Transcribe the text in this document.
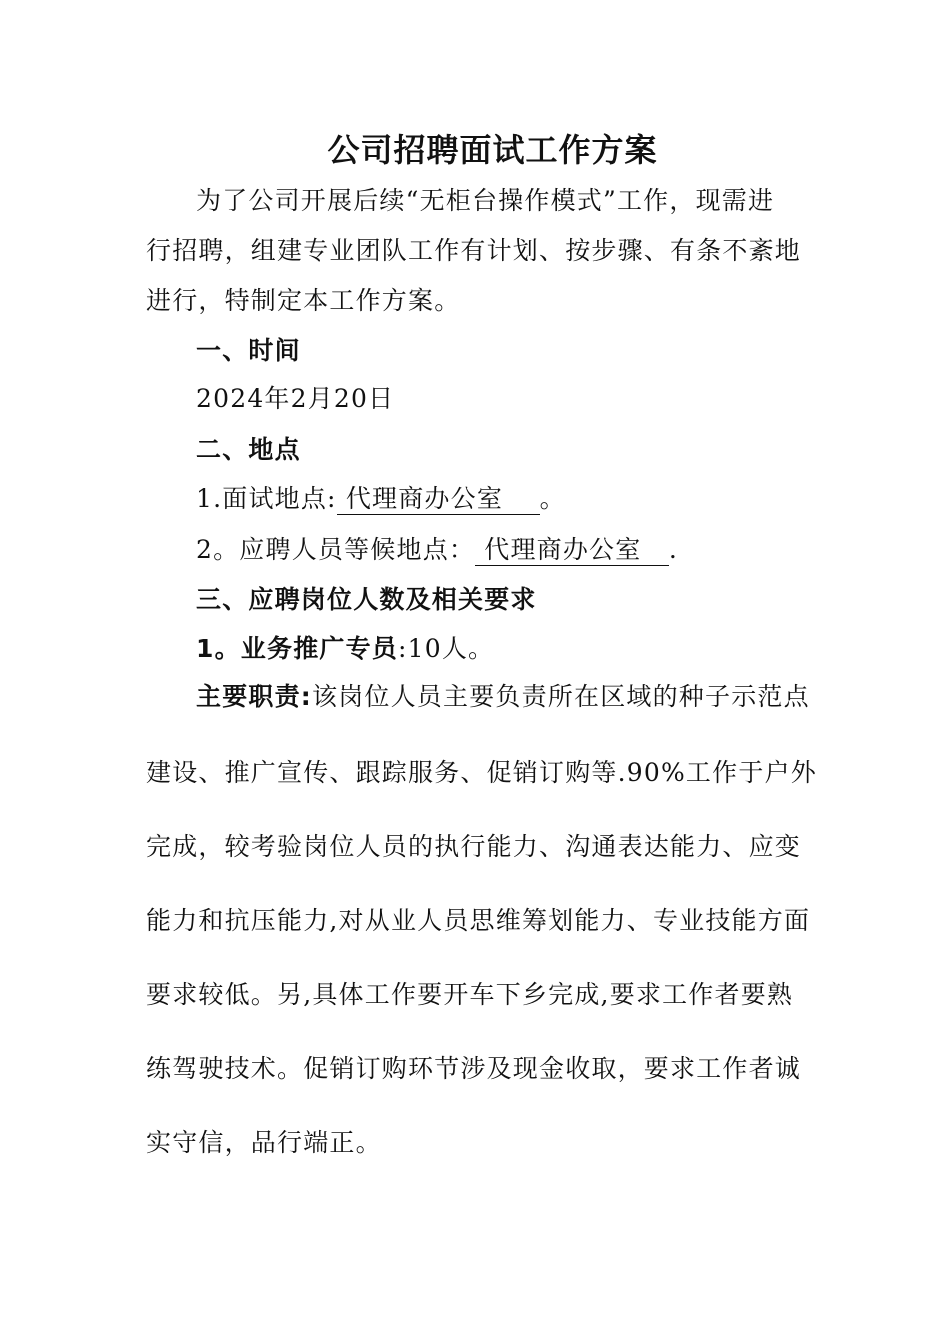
公司招聘面试工作方案
为了公司开展后续“无柜台操作模式”工作，现需进
行招聘，组建专业团队工作有计划、按步骤、有条不紊地
进行，特制定本工作方案。
一、时间
2024年2月20日
二、地点
1.面试地点: 代理商办公室    。
2。应聘人员等候地点： 代理商办公室   .
三、应聘岗位人数及相关要求
1。业务推广专员:10人。
主要职责:该岗位人员主要负责所在区域的种子示范点
建设、推广宣传、跟踪服务、促销订购等.90%工作于户外
完成，较考验岗位人员的执行能力、沟通表达能力、应变
能力和抗压能力,对从业人员思维筹划能力、专业技能方面
要求较低。另,具体工作要开车下乡完成,要求工作者要熟
练驾驶技术。促销订购环节涉及现金收取，要求工作者诚
实守信，品行端正。
